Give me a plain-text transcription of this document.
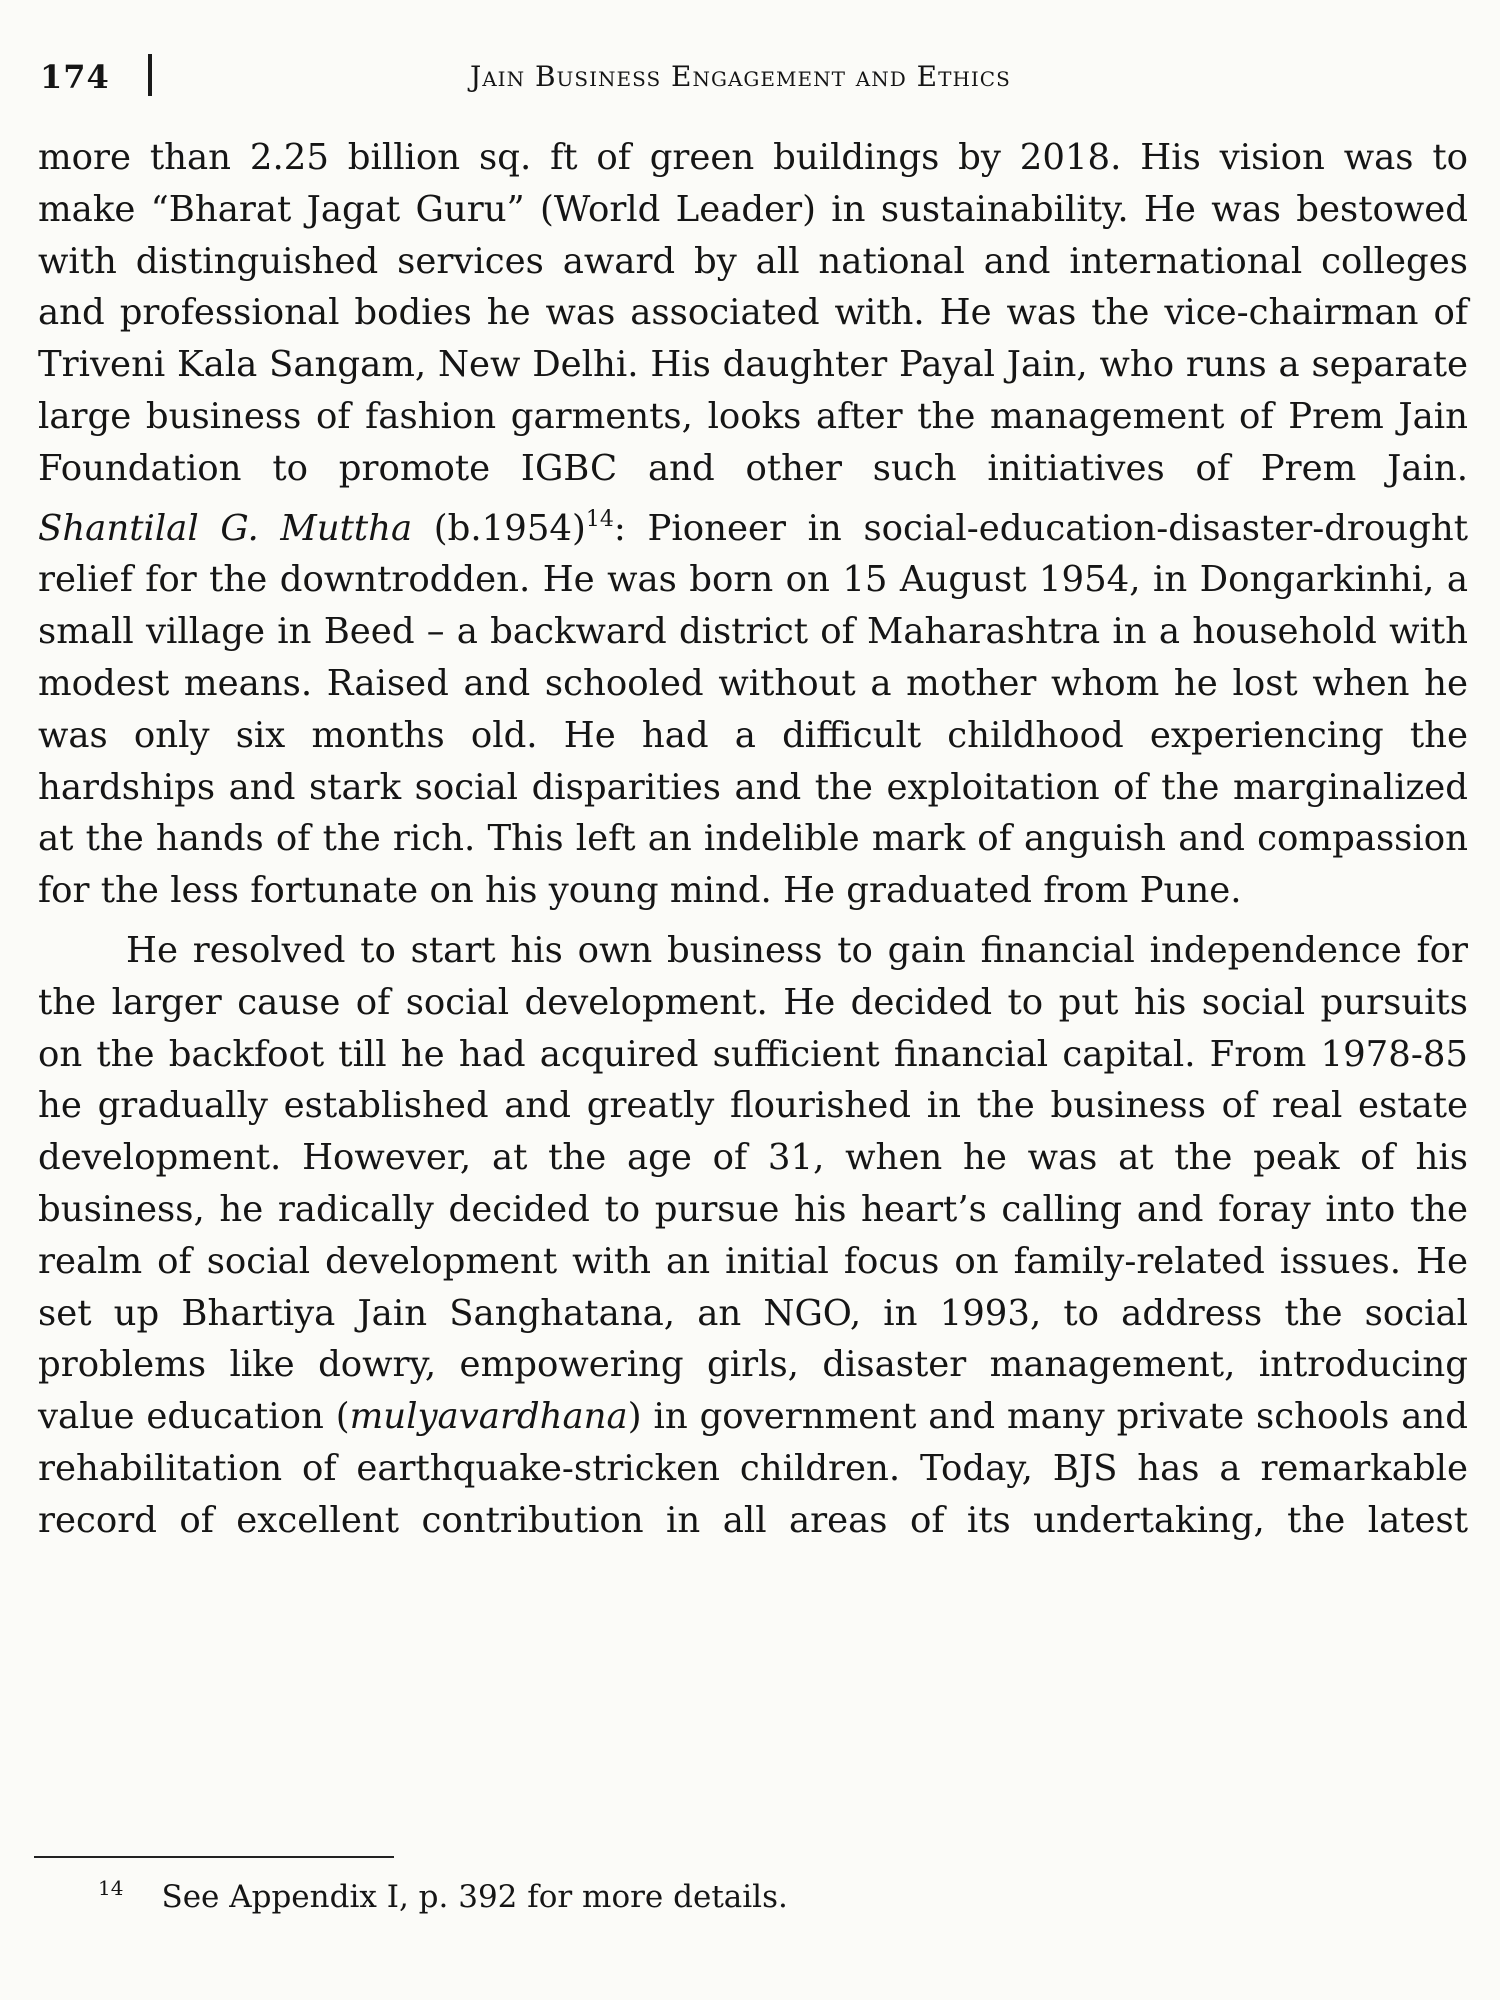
174	Jain Business Engagement and Ethics

more than 2.25 billion sq. ft of green buildings by 2018. His vision was to make “Bharat Jagat Guru” (World Leader) in sustainability. He was bestowed with distinguished services award by all national and international colleges and professional bodies he was associated with. He was the vice-chairman of Triveni Kala Sangam, New Delhi. His daughter Payal Jain, who runs a separate large business of fashion garments, looks after the management of Prem Jain Foundation to promote IGBC and other such initiatives of Prem Jain.

Shantilal G. Muttha $(b.1954)^{14}$: Pioneer in social-education-disaster-drought relief for the downtrodden. He was born on 15 August 1954, in Dongarkinhi, a small village in Beed – a backward district of Maharashtra in a household with modest means. Raised and schooled without a mother whom he lost when he was only six months old. He had a difficult childhood experiencing the hardships and stark social disparities and the exploitation of the marginalized at the hands of the rich. This left an indelible mark of anguish and compassion for the less fortunate on his young mind. He graduated from Pune.

He resolved to start his own business to gain financial independence for the larger cause of social development. He decided to put his social pursuits on the backfoot till he had acquired sufficient financial capital. From 1978-85 he gradually established and greatly flourished in the business of real estate development. However, at the age of 31, when he was at the peak of his business, he radically decided to pursue his heart’s calling and foray into the realm of social development with an initial focus on family-related issues. He set up Bhartiya Jain Sanghatana, an NGO, in 1993, to address the social problems like dowry, empowering girls, disaster management, introducing value education (mulyavardhana) in government and many private schools and rehabilitation of earthquake-stricken children. Today, BJS has a remarkable record of excellent contribution in all areas of its undertaking, the latest

$^{14}$ See Appendix I, p. 392 for more details.
